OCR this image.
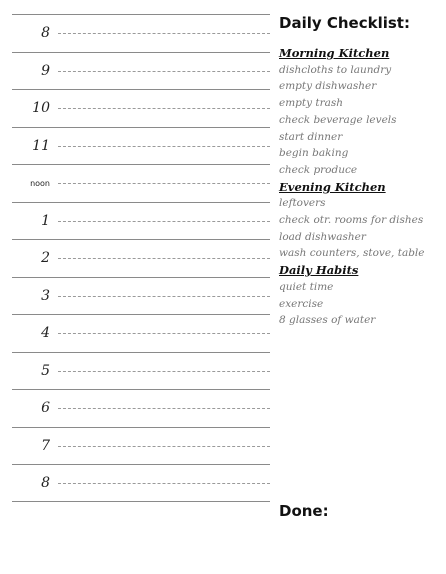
8
9
10
11
noon
1
2
3
4
5
6
7
8
Daily Checklist:
Morning Kitchen
dishcloths to laundry
empty dishwasher
empty trash
check beverage levels
start dinner
begin baking
check produce
Evening Kitchen
leftovers
check otr. rooms for dishes
load dishwasher
wash counters, stove, table
Daily Habits
quiet time
exercise
8 glasses of water
Done:
